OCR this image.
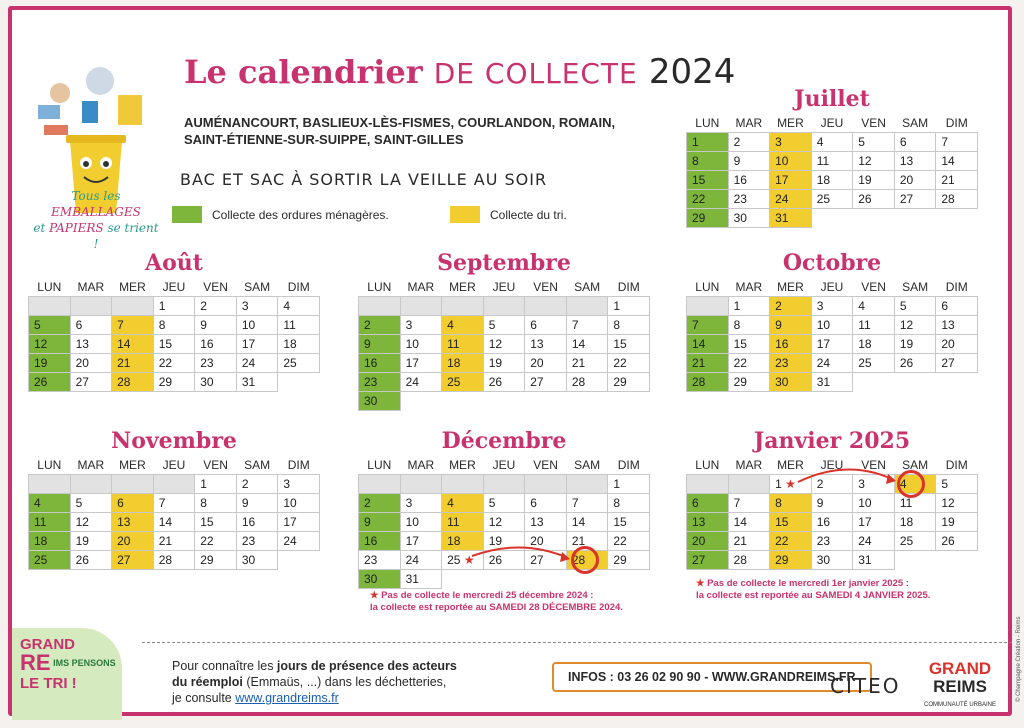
Tous les EMBALLAGES
et PAPIERS se trient !
Le calendrier DE COLLECTE 2024
AUMÉNANCOURT, BASLIEUX-LÈS-FISMES, COURLANDON, ROMAIN,
SAINT-ÉTIENNE-SUR-SUIPPE, SAINT-GILLES
BAC ET SAC À SORTIR LA VEILLE AU SOIR
Collecte des ordures ménagères.	Collecte du tri.
Juillet
LUN	MAR	MER	JEU	VEN	SAM	DIM
1	2	3	4	5	6	7
8	9	10	11	12	13	14
15	16	17	18	19	20	21
22	23	24	25	26	27	28
29	30	31				
Août
LUN	MAR	MER	JEU	VEN	SAM	DIM
			1	2	3	4
5	6	7	8	9	10	11
12	13	14	15	16	17	18
19	20	21	22	23	24	25
26	27	28	29	30	31	
Septembre
LUN	MAR	MER	JEU	VEN	SAM	DIM
						1
2	3	4	5	6	7	8
9	10	11	12	13	14	15
16	17	18	19	20	21	22
23	24	25	26	27	28	29
30						
Octobre
LUN	MAR	MER	JEU	VEN	SAM	DIM
	1	2	3	4	5	6
7	8	9	10	11	12	13
14	15	16	17	18	19	20
21	22	23	24	25	26	27
28	29	30	31			
Novembre
LUN	MAR	MER	JEU	VEN	SAM	DIM
				1	2	3
4	5	6	7	8	9	10
11	12	13	14	15	16	17
18	19	20	21	22	23	24
25	26	27	28	29	30	
Décembre
LUN	MAR	MER	JEU	VEN	SAM	DIM
						1
2	3	4	5	6	7	8
9	10	11	12	13	14	15
16	17	18	19	20	21	22
23	24	25 ★	26	27	28	29
30	31					
Janvier 2025
LUN	MAR	MER	JEU	VEN	SAM	DIM
		1 ★	2	3	4	5
6	7	8	9	10	11	12
13	14	15	16	17	18	19
20	21	22	23	24	25	26
27	28	29	30	31		
★ Pas de collecte le mercredi 25 décembre 2024 :
la collecte est reportée au SAMEDI 28 DÉCEMBRE 2024.
★ Pas de collecte le mercredi 1er janvier 2025 :
la collecte est reportée au SAMEDI 4 JANVIER 2025.
GRAND
RE $^{IMS PENSONS}$
LE TRI !
Pour connaître les jours de présence des acteurs
du réemploi (Emmaüs, ...) dans les déchetteries,
je consulte www.grandreims.fr
INFOS : 03 26 02 90 90 - WWW.GRANDREIMS.FR
CITEO
GRAND
REIMS
COMMUNAUTÉ URBAINE
© Champagne Création - Reims
